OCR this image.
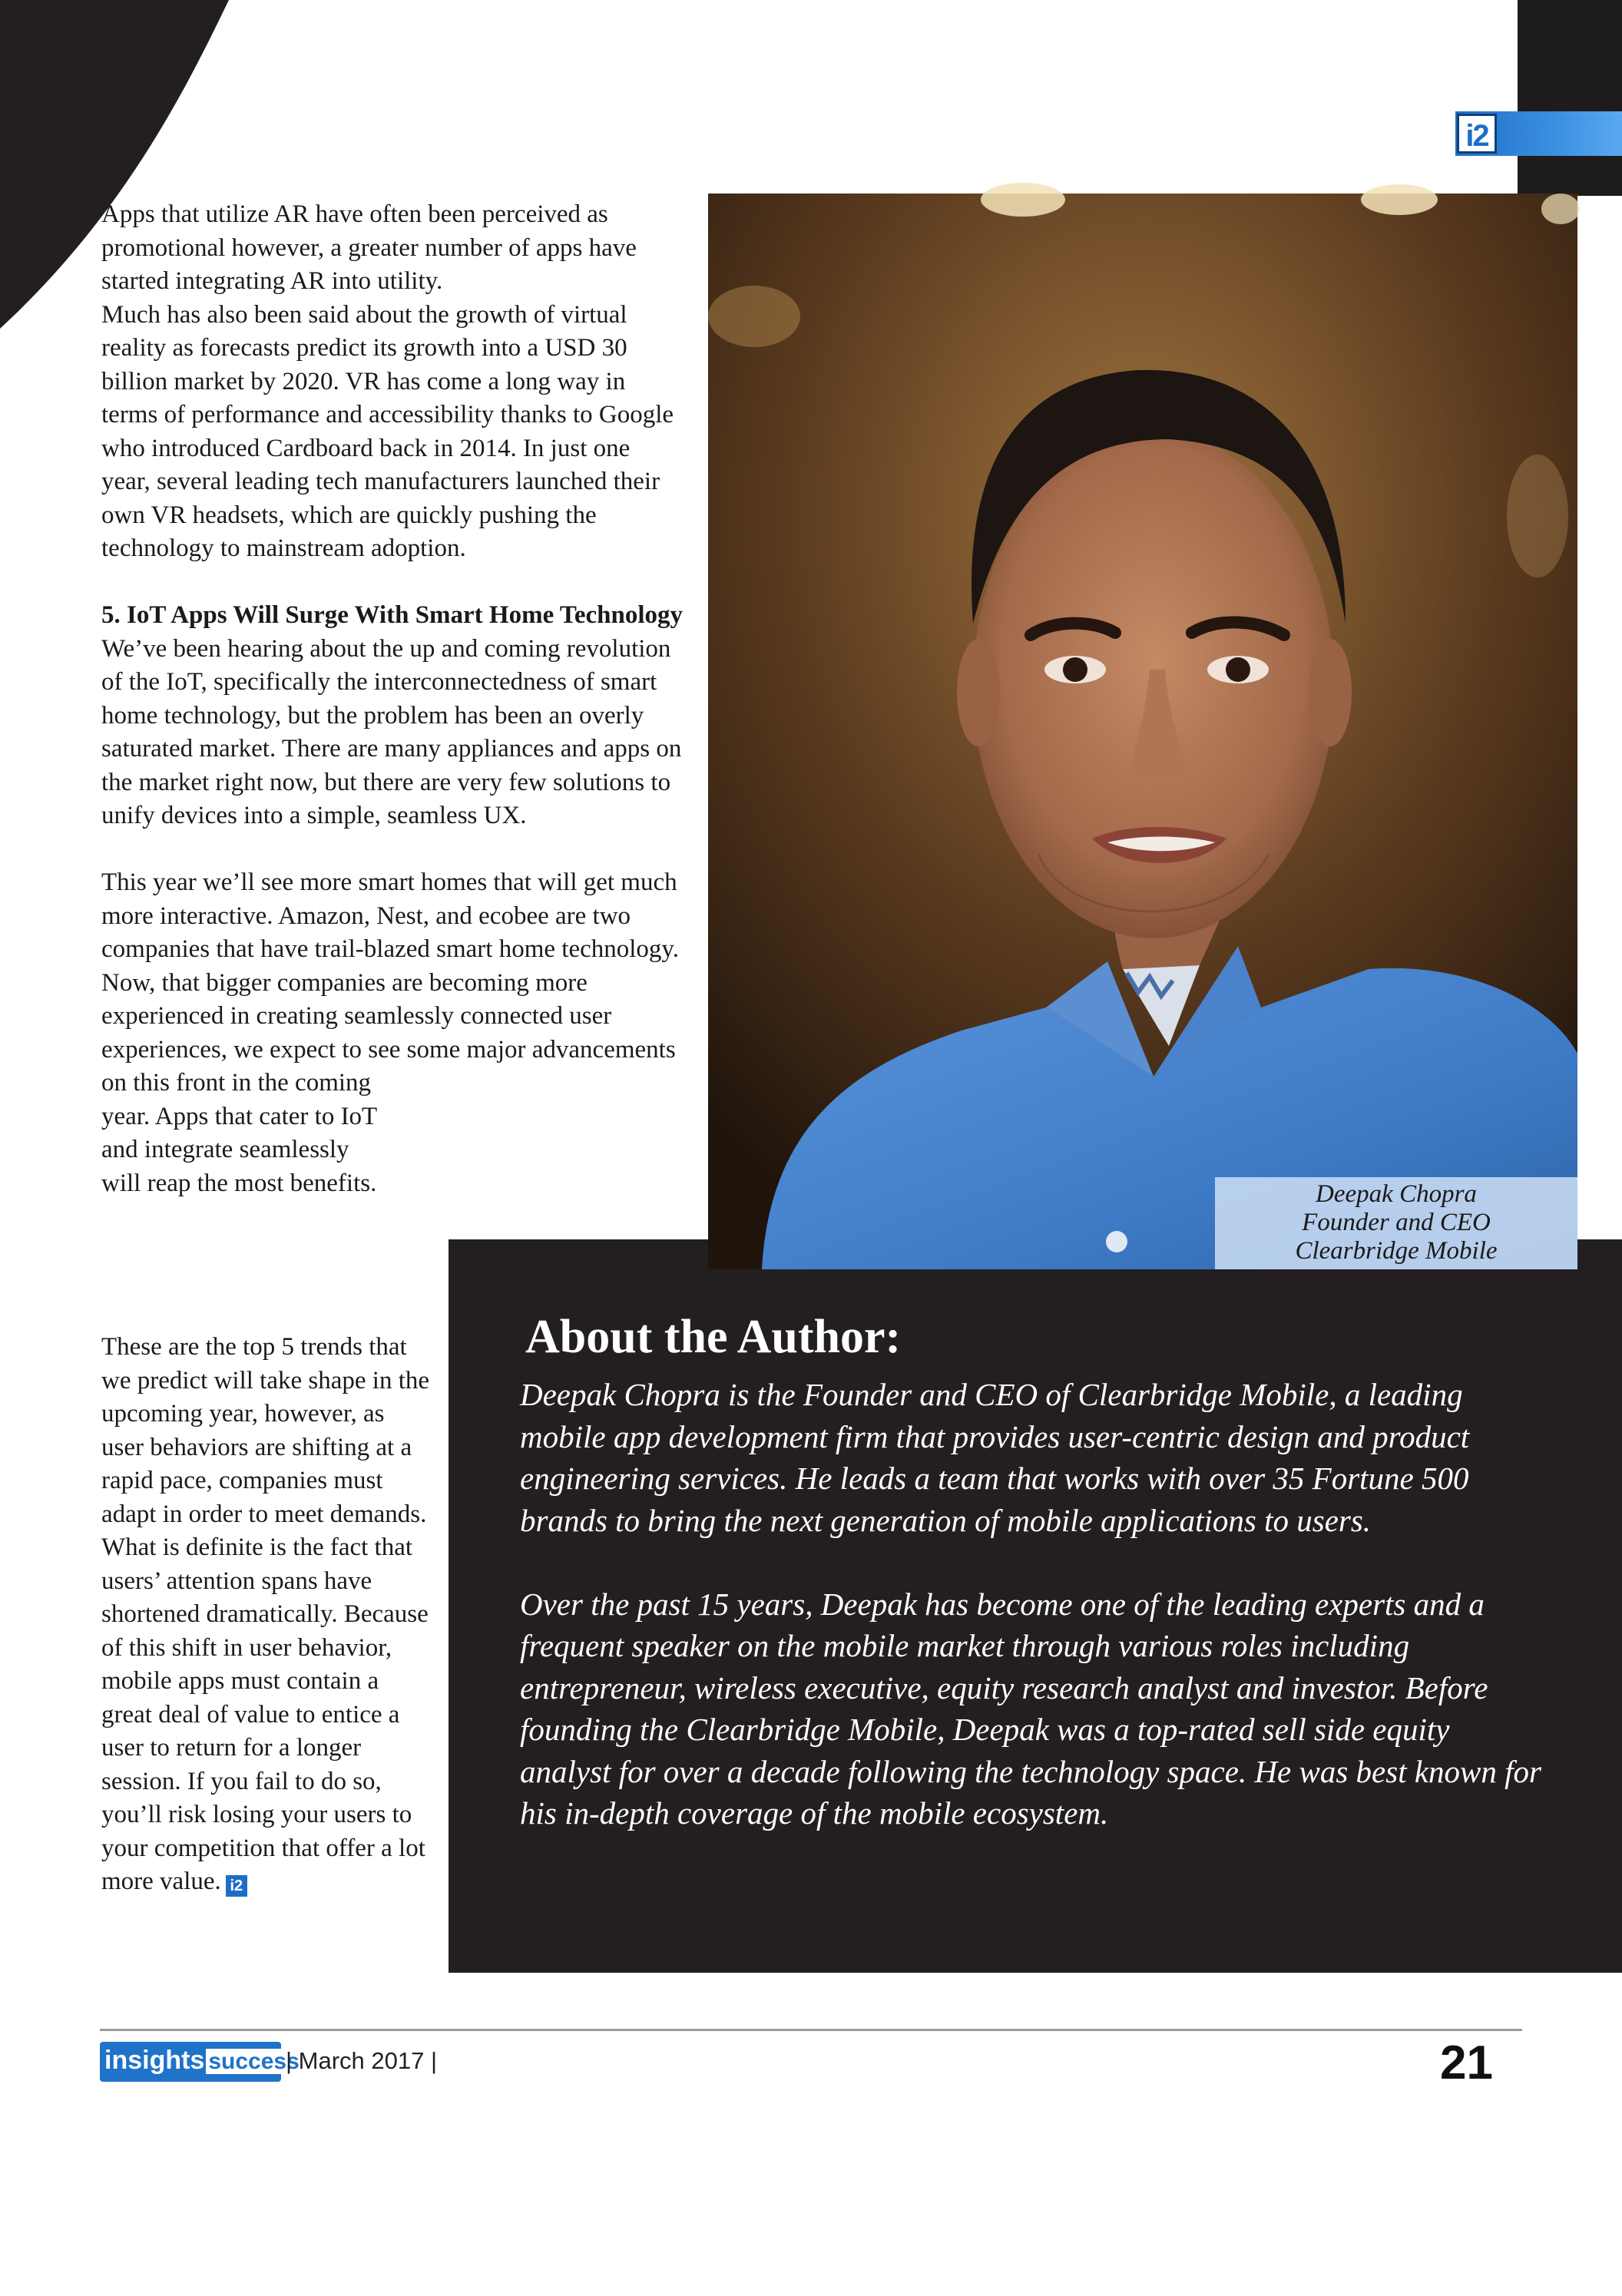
i2

Apps that utilize AR have often been perceived as promotional however, a greater number of apps have started integrating AR into utility.

Much has also been said about the growth of virtual reality as forecasts predict its growth into a USD 30 billion market by 2020. VR has come a long way in terms of performance and accessibility thanks to Google who introduced Cardboard back in 2014. In just one year, several leading tech manufacturers launched their own VR headsets, which are quickly pushing the technology to mainstream adoption.

5. IoT Apps Will Surge With Smart Home Technology

We’ve been hearing about the up and coming revolution of the IoT, specifically the interconnectedness of smart home technology, but the problem has been an overly saturated market. There are many appliances and apps on the market right now, but there are very few solutions to unify devices into a simple, seamless UX.

This year we’ll see more smart homes that will get much more interactive. Amazon, Nest, and ecobee are two companies that have trail-blazed smart home technology. Now, that bigger companies are becoming more experienced in creating seamlessly connected user experiences, we expect to see some major advancements on this front in the coming

year. Apps that cater to IoT

and integrate seamlessly

will reap the most benefits.

These are the top 5 trends that we predict will take shape in the upcoming year, however, as user behaviors are shifting at a rapid pace, companies must adapt in order to meet demands. What is definite is the fact that users’ attention spans have shortened dramatically. Because of this shift in user behavior, mobile apps must contain a great deal of value to entice a user to return for a longer session. If you fail to do so, you’ll risk losing your users to your competition that offer a lot more value. i2

About the Author:

Deepak Chopra is the Founder and CEO of Clearbridge Mobile, a leading mobile app development firm that provides user-centric design and product engineering services. He leads a team that works with over 35 Fortune 500 brands to bring the next generation of mobile applications to users.

Over the past 15 years, Deepak has become one of the leading experts and a frequent speaker on the mobile market through various roles including entrepreneur, wireless executive, equity research analyst and investor. Before founding the Clearbridge Mobile, Deepak was a top-rated sell side equity analyst for over a decade following the technology space. He was best known for his in-depth coverage of the mobile ecosystem.

Deepak Chopra
Founder and CEO
Clearbridge Mobile
insights success
| March 2017 |	21
